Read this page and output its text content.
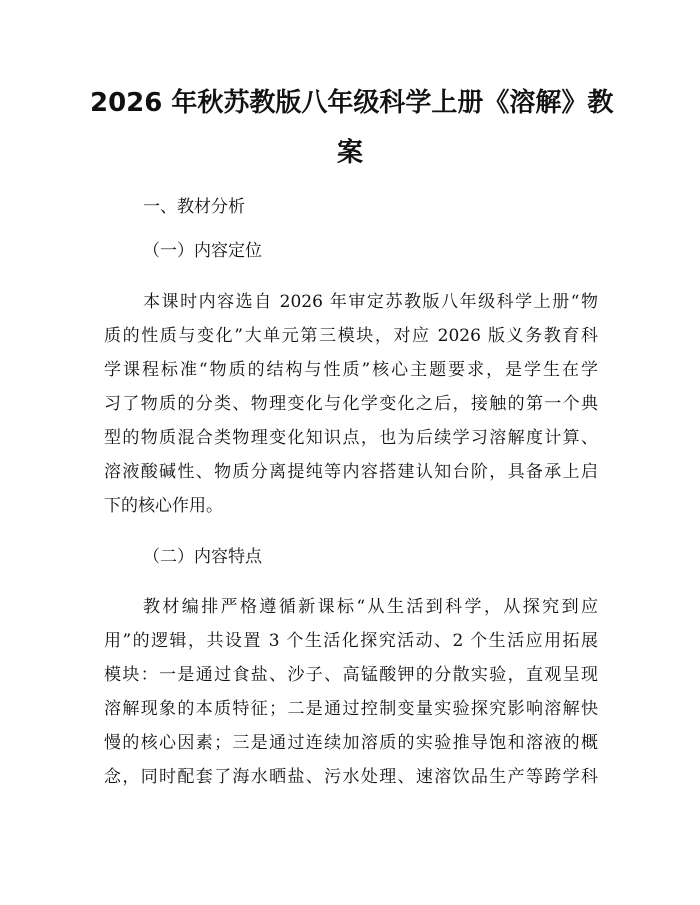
2026 年秋苏教版八年级科学上册《溶解》教
案

一、教材分析

（一）内容定位

本课时内容选自 2026 年审定苏教版八年级科学上册“物

质的性质与变化”大单元第三模块，对应 2026 版义务教育科

学课程标准“物质的结构与性质”核心主题要求，是学生在学

习了物质的分类、物理变化与化学变化之后，接触的第一个典

型的物质混合类物理变化知识点，也为后续学习溶解度计算、

溶液酸碱性、物质分离提纯等内容搭建认知台阶，具备承上启

下的核心作用。

（二）内容特点

教材编排严格遵循新课标“从生活到科学，从探究到应

用”的逻辑，共设置 3 个生活化探究活动、2 个生活应用拓展

模块：一是通过食盐、沙子、高锰酸钾的分散实验，直观呈现

溶解现象的本质特征；二是通过控制变量实验探究影响溶解快

慢的核心因素；三是通过连续加溶质的实验推导饱和溶液的概

念，同时配套了海水晒盐、污水处理、速溶饮品生产等跨学科
